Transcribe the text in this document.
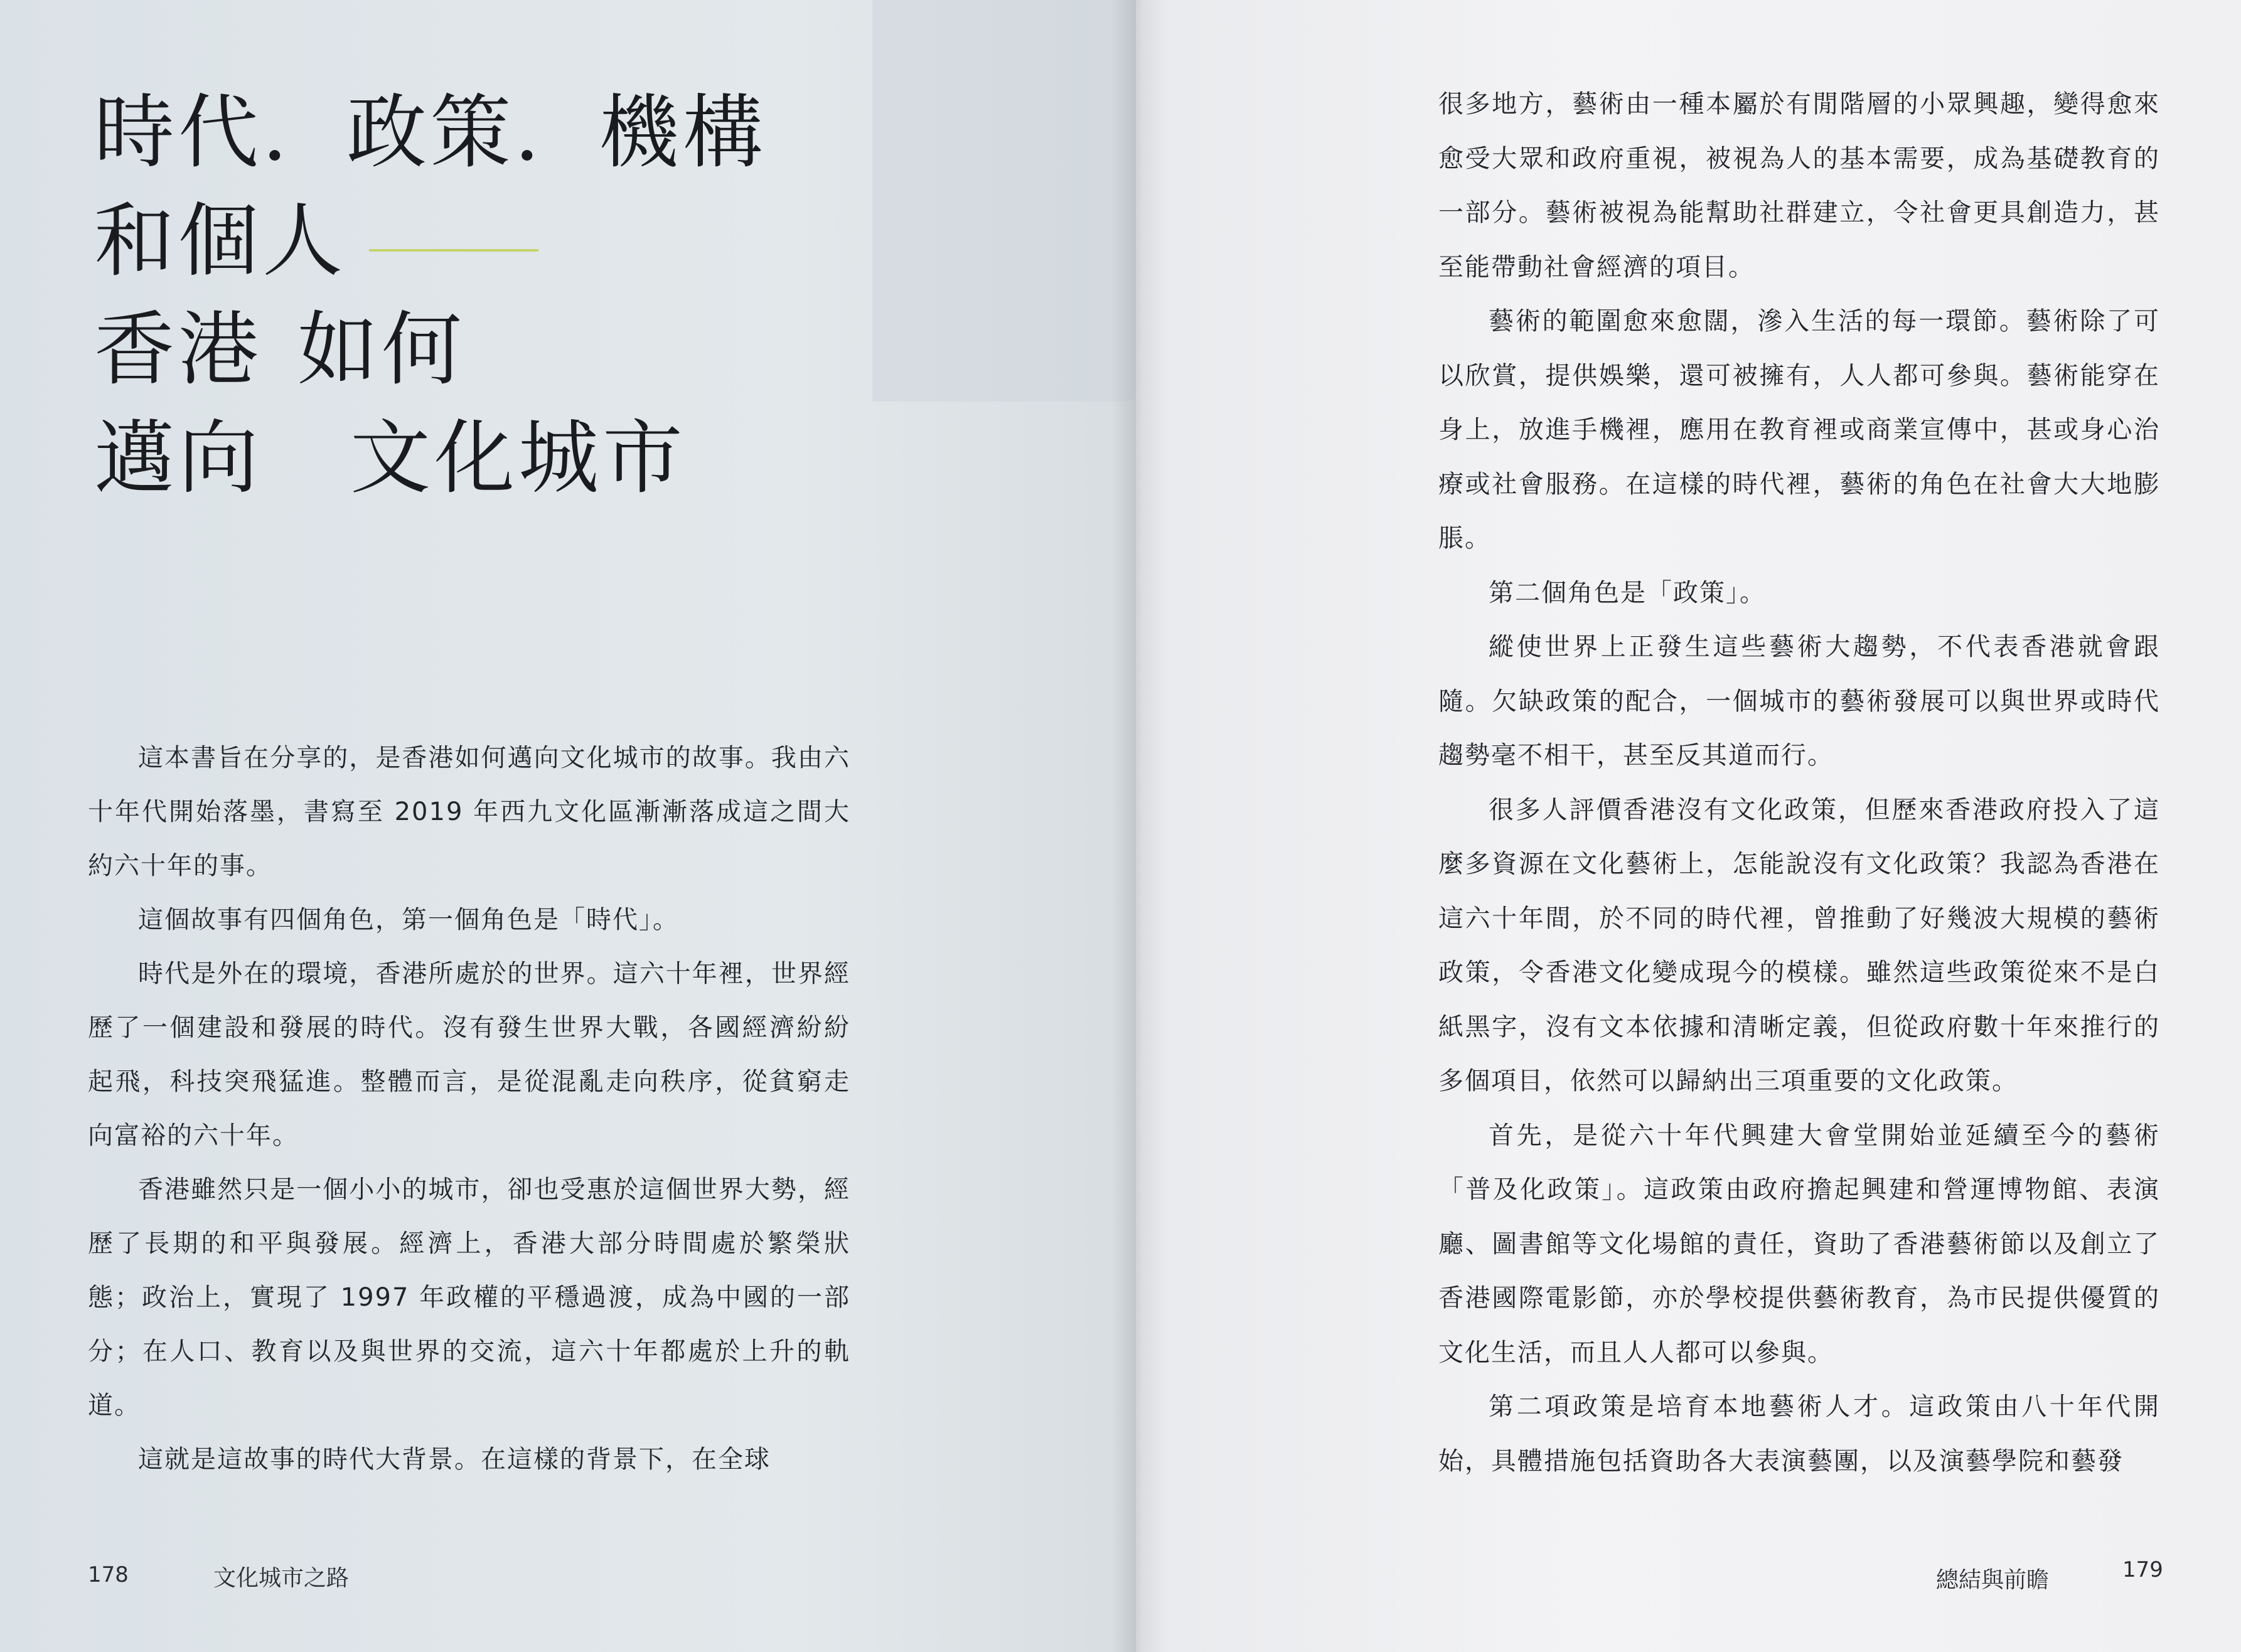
時代．政策．機構
和個人
香港 如何
邁向 文化城市

這本書旨在分享的，是香港如何邁向文化城市的故事。我由六十年代開始落墨，書寫至 2019 年西九文化區漸漸落成這之間大約六十年的事。

這個故事有四個角色，第一個角色是「時代」。

時代是外在的環境，香港所處於的世界。這六十年裡，世界經歷了一個建設和發展的時代。沒有發生世界大戰，各國經濟紛紛起飛，科技突飛猛進。整體而言，是從混亂走向秩序，從貧窮走向富裕的六十年。

香港雖然只是一個小小的城市，卻也受惠於這個世界大勢，經歷了長期的和平與發展。經濟上，香港大部分時間處於繁榮狀態；政治上，實現了 1997 年政權的平穩過渡，成為中國的一部分；在人口、教育以及與世界的交流，這六十年都處於上升的軌道。

這就是這故事的時代大背景。在這樣的背景下，在全球

178	文化城市之路

很多地方，藝術由一種本屬於有閒階層的小眾興趣，變得愈來愈受大眾和政府重視，被視為人的基本需要，成為基礎教育的一部分。藝術被視為能幫助社群建立，令社會更具創造力，甚至能帶動社會經濟的項目。

藝術的範圍愈來愈闊，滲入生活的每一環節。藝術除了可以欣賞，提供娛樂，還可被擁有，人人都可參與。藝術能穿在身上，放進手機裡，應用在教育裡或商業宣傳中，甚或身心治療或社會服務。在這樣的時代裡，藝術的角色在社會大大地膨脹。

第二個角色是「政策」。

縱使世界上正發生這些藝術大趨勢，不代表香港就會跟隨。欠缺政策的配合，一個城市的藝術發展可以與世界或時代趨勢毫不相干，甚至反其道而行。

很多人評價香港沒有文化政策，但歷來香港政府投入了這麼多資源在文化藝術上，怎能說沒有文化政策？我認為香港在這六十年間，於不同的時代裡，曾推動了好幾波大規模的藝術政策，令香港文化變成現今的模樣。雖然這些政策從來不是白紙黑字，沒有文本依據和清晰定義，但從政府數十年來推行的多個項目，依然可以歸納出三項重要的文化政策。

首先，是從六十年代興建大會堂開始並延續至今的藝術「普及化政策」。這政策由政府擔起興建和營運博物館、表演廳、圖書館等文化場館的責任，資助了香港藝術節以及創立了香港國際電影節，亦於學校提供藝術教育，為市民提供優質的文化生活，而且人人都可以參與。

第二項政策是培育本地藝術人才。這政策由八十年代開始，具體措施包括資助各大表演藝團，以及演藝學院和藝發

總結與前瞻	179
